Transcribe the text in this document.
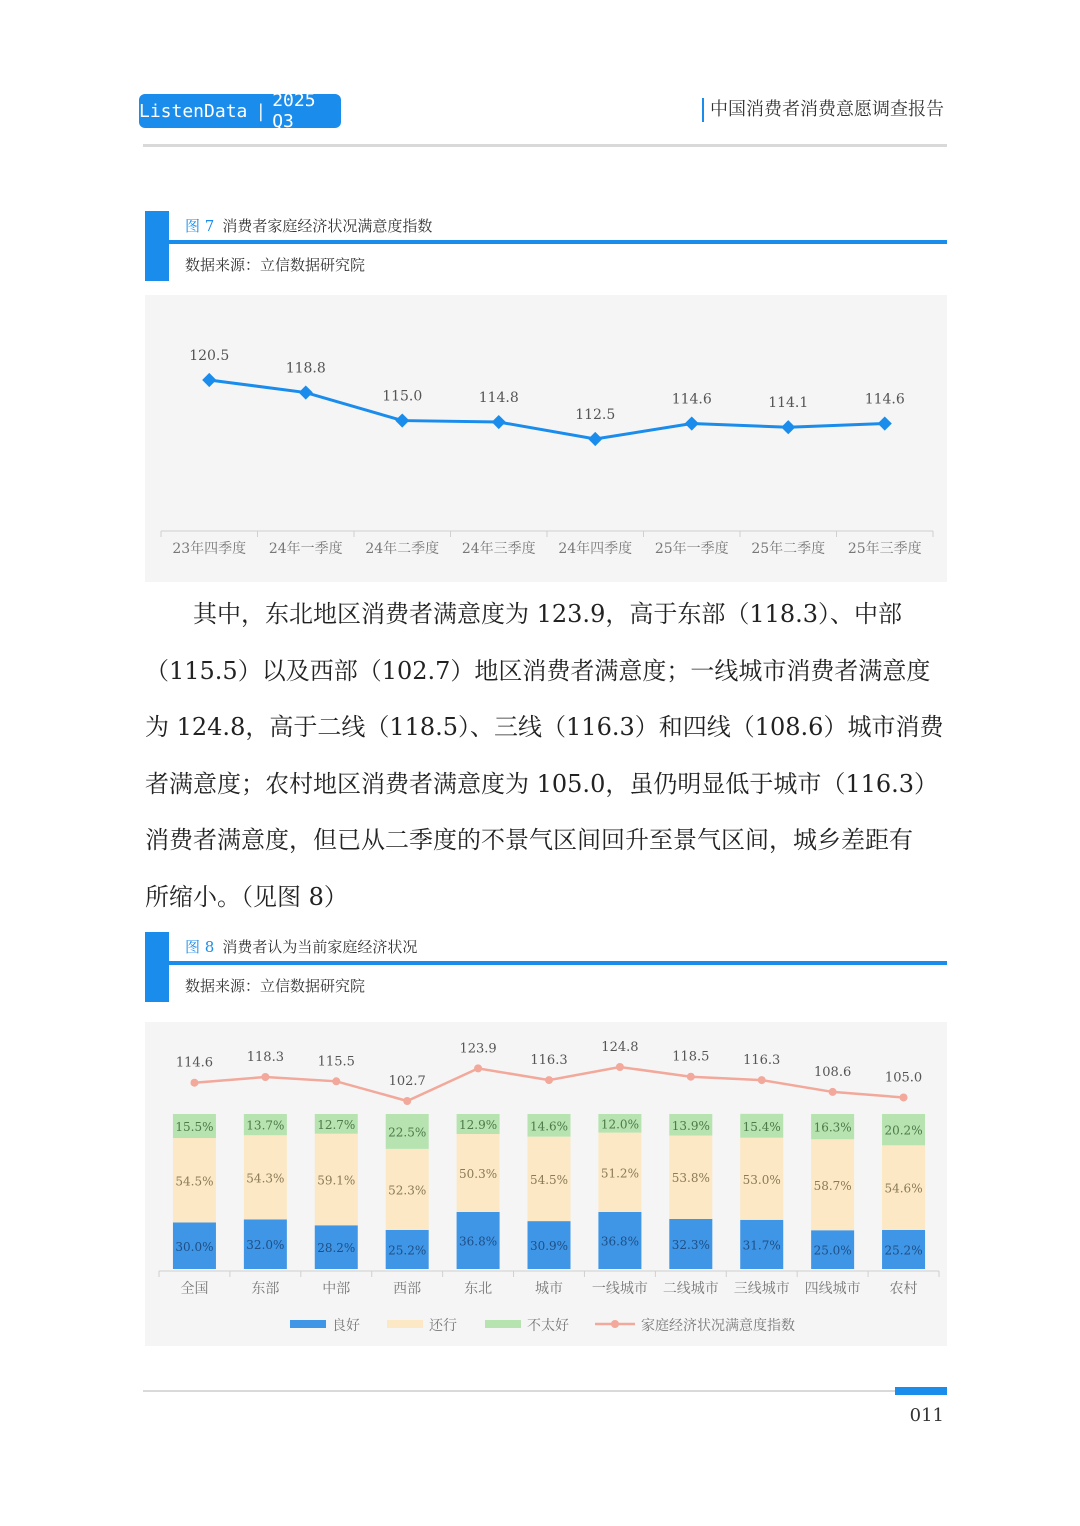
ListenData | 2025 Q3
中国消费者消费意愿调查报告
图 7 消费者家庭经济状况满意度指数
数据来源：立信数据研究院
120.5
23年四季度
118.8
24年一季度
115.0
24年二季度
114.8
24年三季度
112.5
24年四季度
114.6
25年一季度
114.1
25年二季度
114.6
25年三季度
　　其中，东北地区消费者满意度为 123.9，高于东部（118.3）、中部
（115.5）以及西部（102.7）地区消费者满意度；一线城市消费者满意度
为 124.8，高于二线（118.5）、三线（116.3）和四线（108.6）城市消费
者满意度；农村地区消费者满意度为 105.0，虽仍明显低于城市（116.3）
消费者满意度，但已从二季度的不景气区间回升至景气区间，城乡差距有
所缩小。（见图 8）
图 8 消费者认为当前家庭经济状况
数据来源：立信数据研究院
30.0%
54.5%
15.5%
全国
32.0%
54.3%
13.7%
东部
28.2%
59.1%
12.7%
中部
25.2%
52.3%
22.5%
西部
36.8%
50.3%
12.9%
东北
30.9%
54.5%
14.6%
城市
36.8%
51.2%
12.0%
一线城市
32.3%
53.8%
13.9%
二线城市
31.7%
53.0%
15.4%
三线城市
25.0%
58.7%
16.3%
四线城市
25.2%
54.6%
20.2%
农村
114.6	118.3	115.5
102.7
123.9
116.3
124.8
118.5	116.3
108.6	105.0
良好	还行	不太好	家庭经济状况满意度指数
011
